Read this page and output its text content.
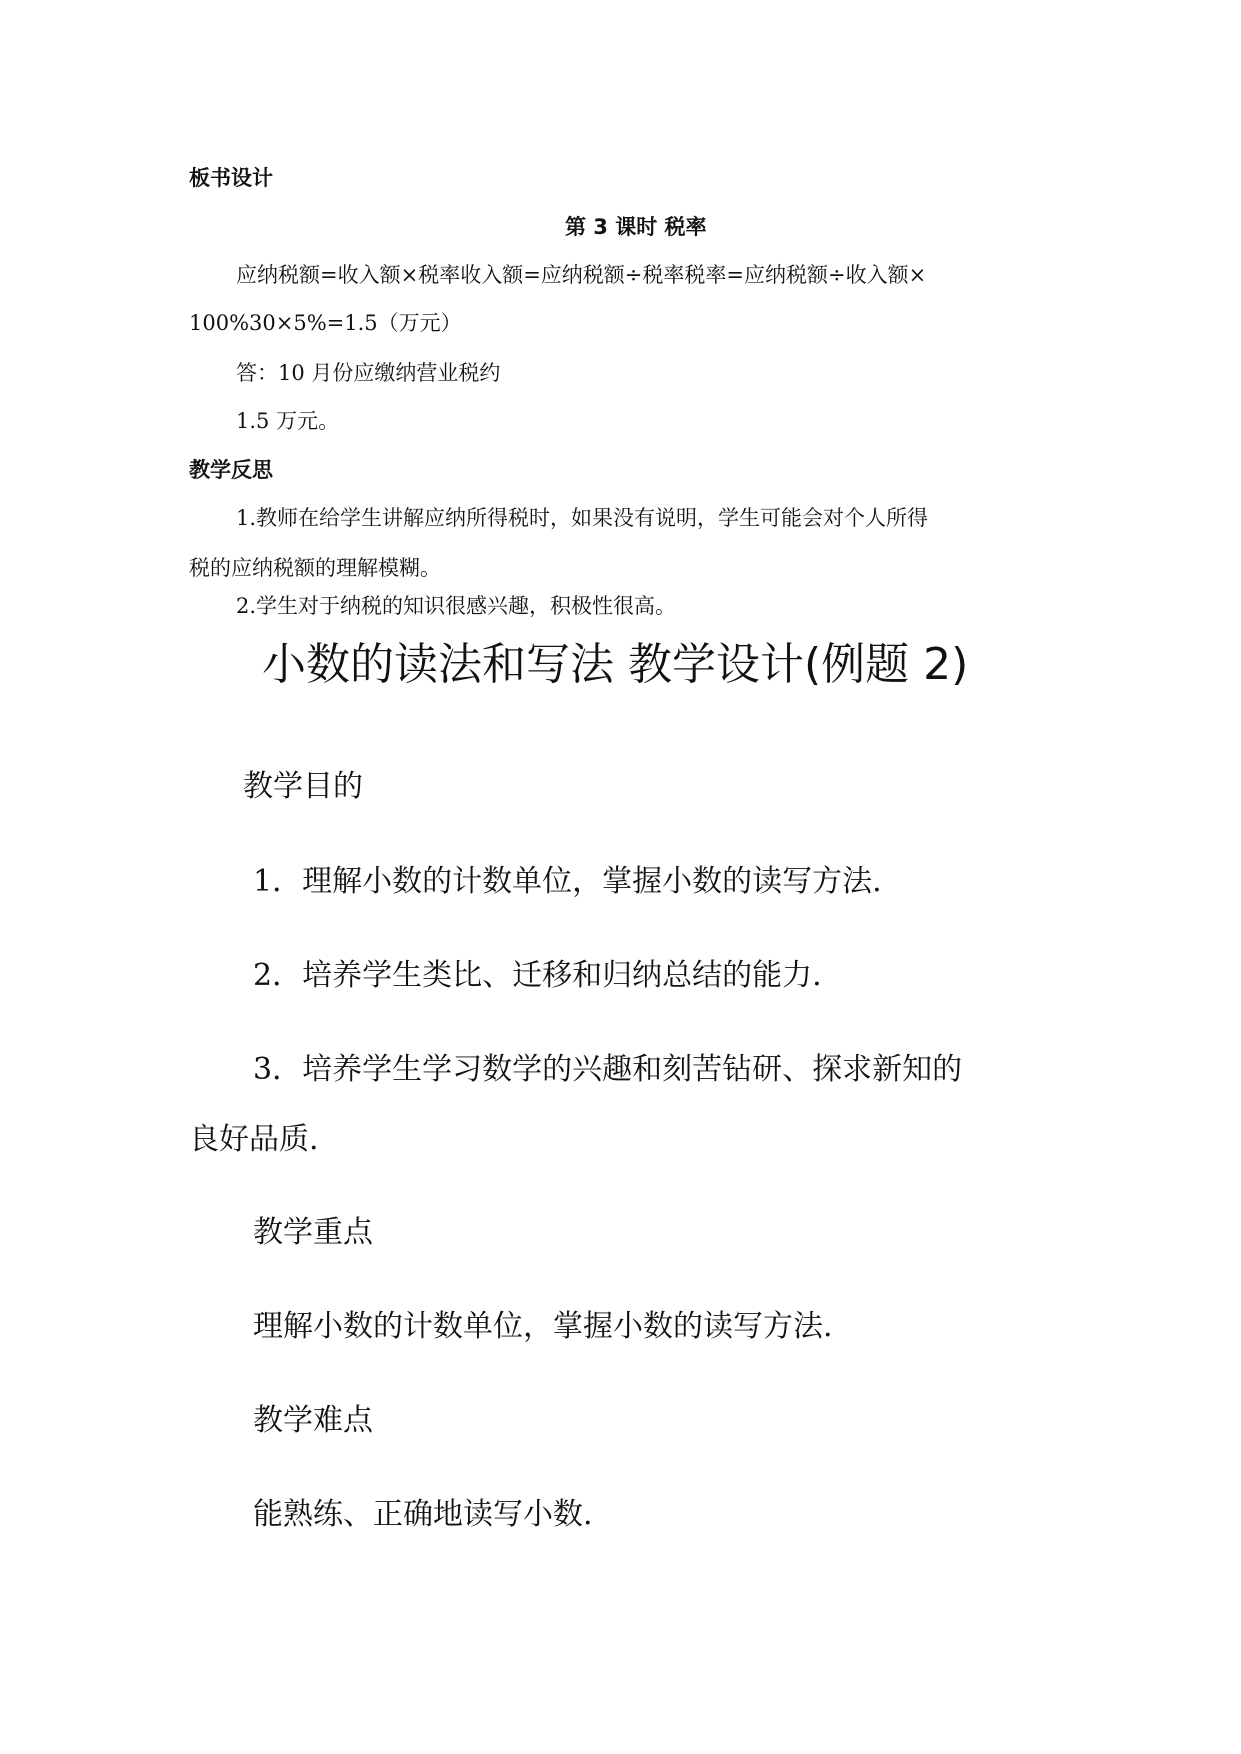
板书设计
第 3 课时 税率
应纳税额=收入额×税率收入额=应纳税额÷税率税率=应纳税额÷收入额×
100%30×5%=1.5（万元）
答：10 月份应缴纳营业税约
1.5 万元。
教学反思
1.教师在给学生讲解应纳所得税时，如果没有说明，学生可能会对个人所得
税的应纳税额的理解模糊。
2.学生对于纳税的知识很感兴趣，积极性很高。
小数的读法和写法 教学设计(例题 2)
教学目的
1．理解小数的计数单位，掌握小数的读写方法.
2．培养学生类比、迁移和归纳总结的能力.
3．培养学生学习数学的兴趣和刻苦钻研、探求新知的
良好品质.
教学重点
理解小数的计数单位，掌握小数的读写方法.
教学难点
能熟练、正确地读写小数.
